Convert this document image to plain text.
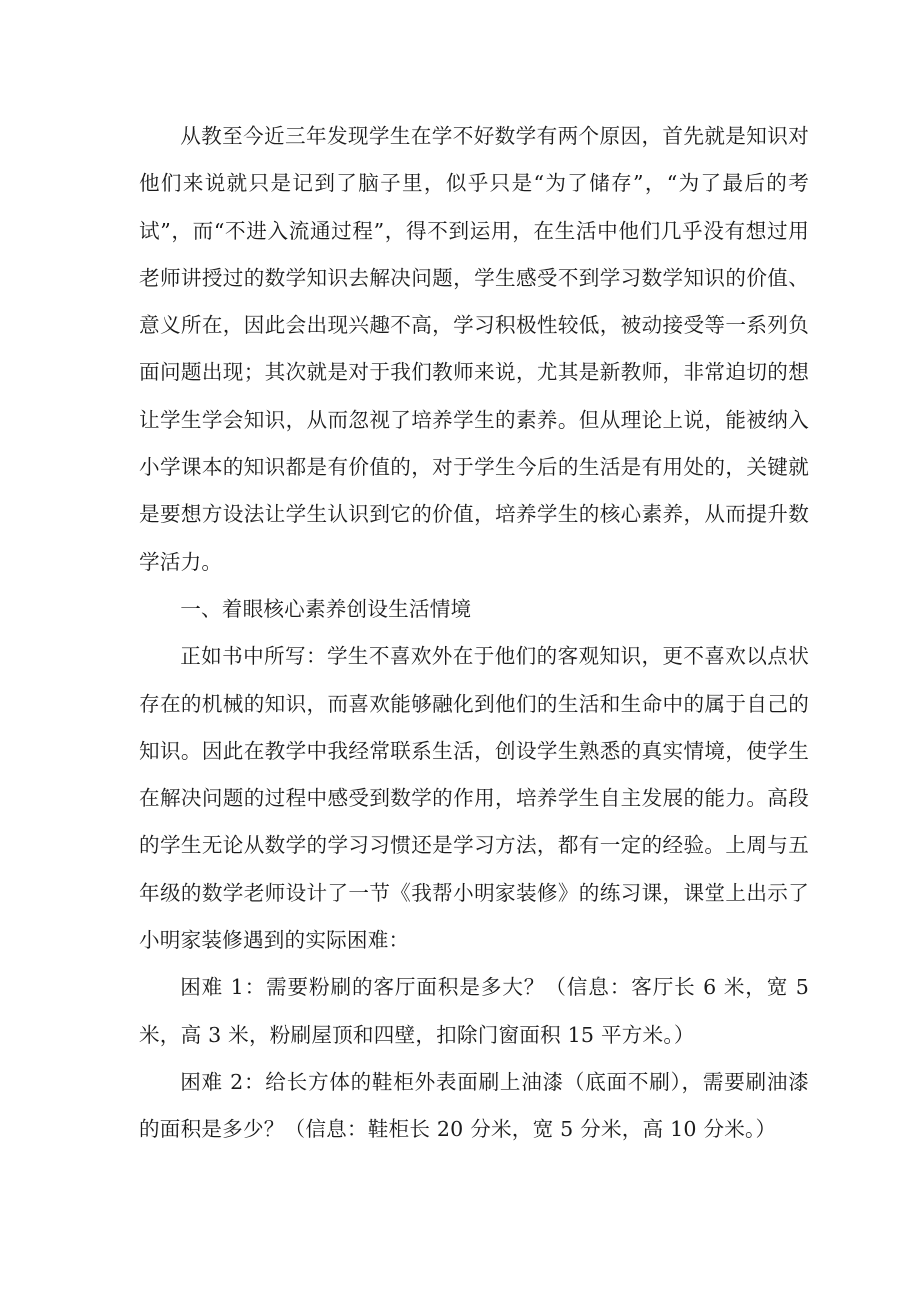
从教至今近三年发现学生在学不好数学有两个原因，首先就是知识对他们来说就只是记到了脑子里，似乎只是“为了储存”，“为了最后的考试”，而“不进入流通过程”，得不到运用，在生活中他们几乎没有想过用老师讲授过的数学知识去解决问题，学生感受不到学习数学知识的价值、意义所在，因此会出现兴趣不高，学习积极性较低，被动接受等一系列负面问题出现；其次就是对于我们教师来说，尤其是新教师，非常迫切的想让学生学会知识，从而忽视了培养学生的素养。但从理论上说，能被纳入小学课本的知识都是有价值的，对于学生今后的生活是有用处的，关键就是要想方设法让学生认识到它的价值，培养学生的核心素养，从而提升数学活力。

一、着眼核心素养创设生活情境

正如书中所写：学生不喜欢外在于他们的客观知识，更不喜欢以点状存在的机械的知识，而喜欢能够融化到他们的生活和生命中的属于自己的知识。因此在教学中我经常联系生活，创设学生熟悉的真实情境，使学生在解决问题的过程中感受到数学的作用，培养学生自主发展的能力。高段的学生无论从数学的学习习惯还是学习方法，都有一定的经验。上周与五年级的数学老师设计了一节《我帮小明家装修》的练习课，课堂上出示了小明家装修遇到的实际困难：

困难 1：需要粉刷的客厅面积是多大？（信息：客厅长 6 米，宽 5 米，高 3 米，粉刷屋顶和四壁，扣除门窗面积 15 平方米。）

困难 2：给长方体的鞋柜外表面刷上油漆（底面不刷），需要刷油漆的面积是多少？（信息：鞋柜长 20 分米，宽 5 分米，高 10 分米。）
